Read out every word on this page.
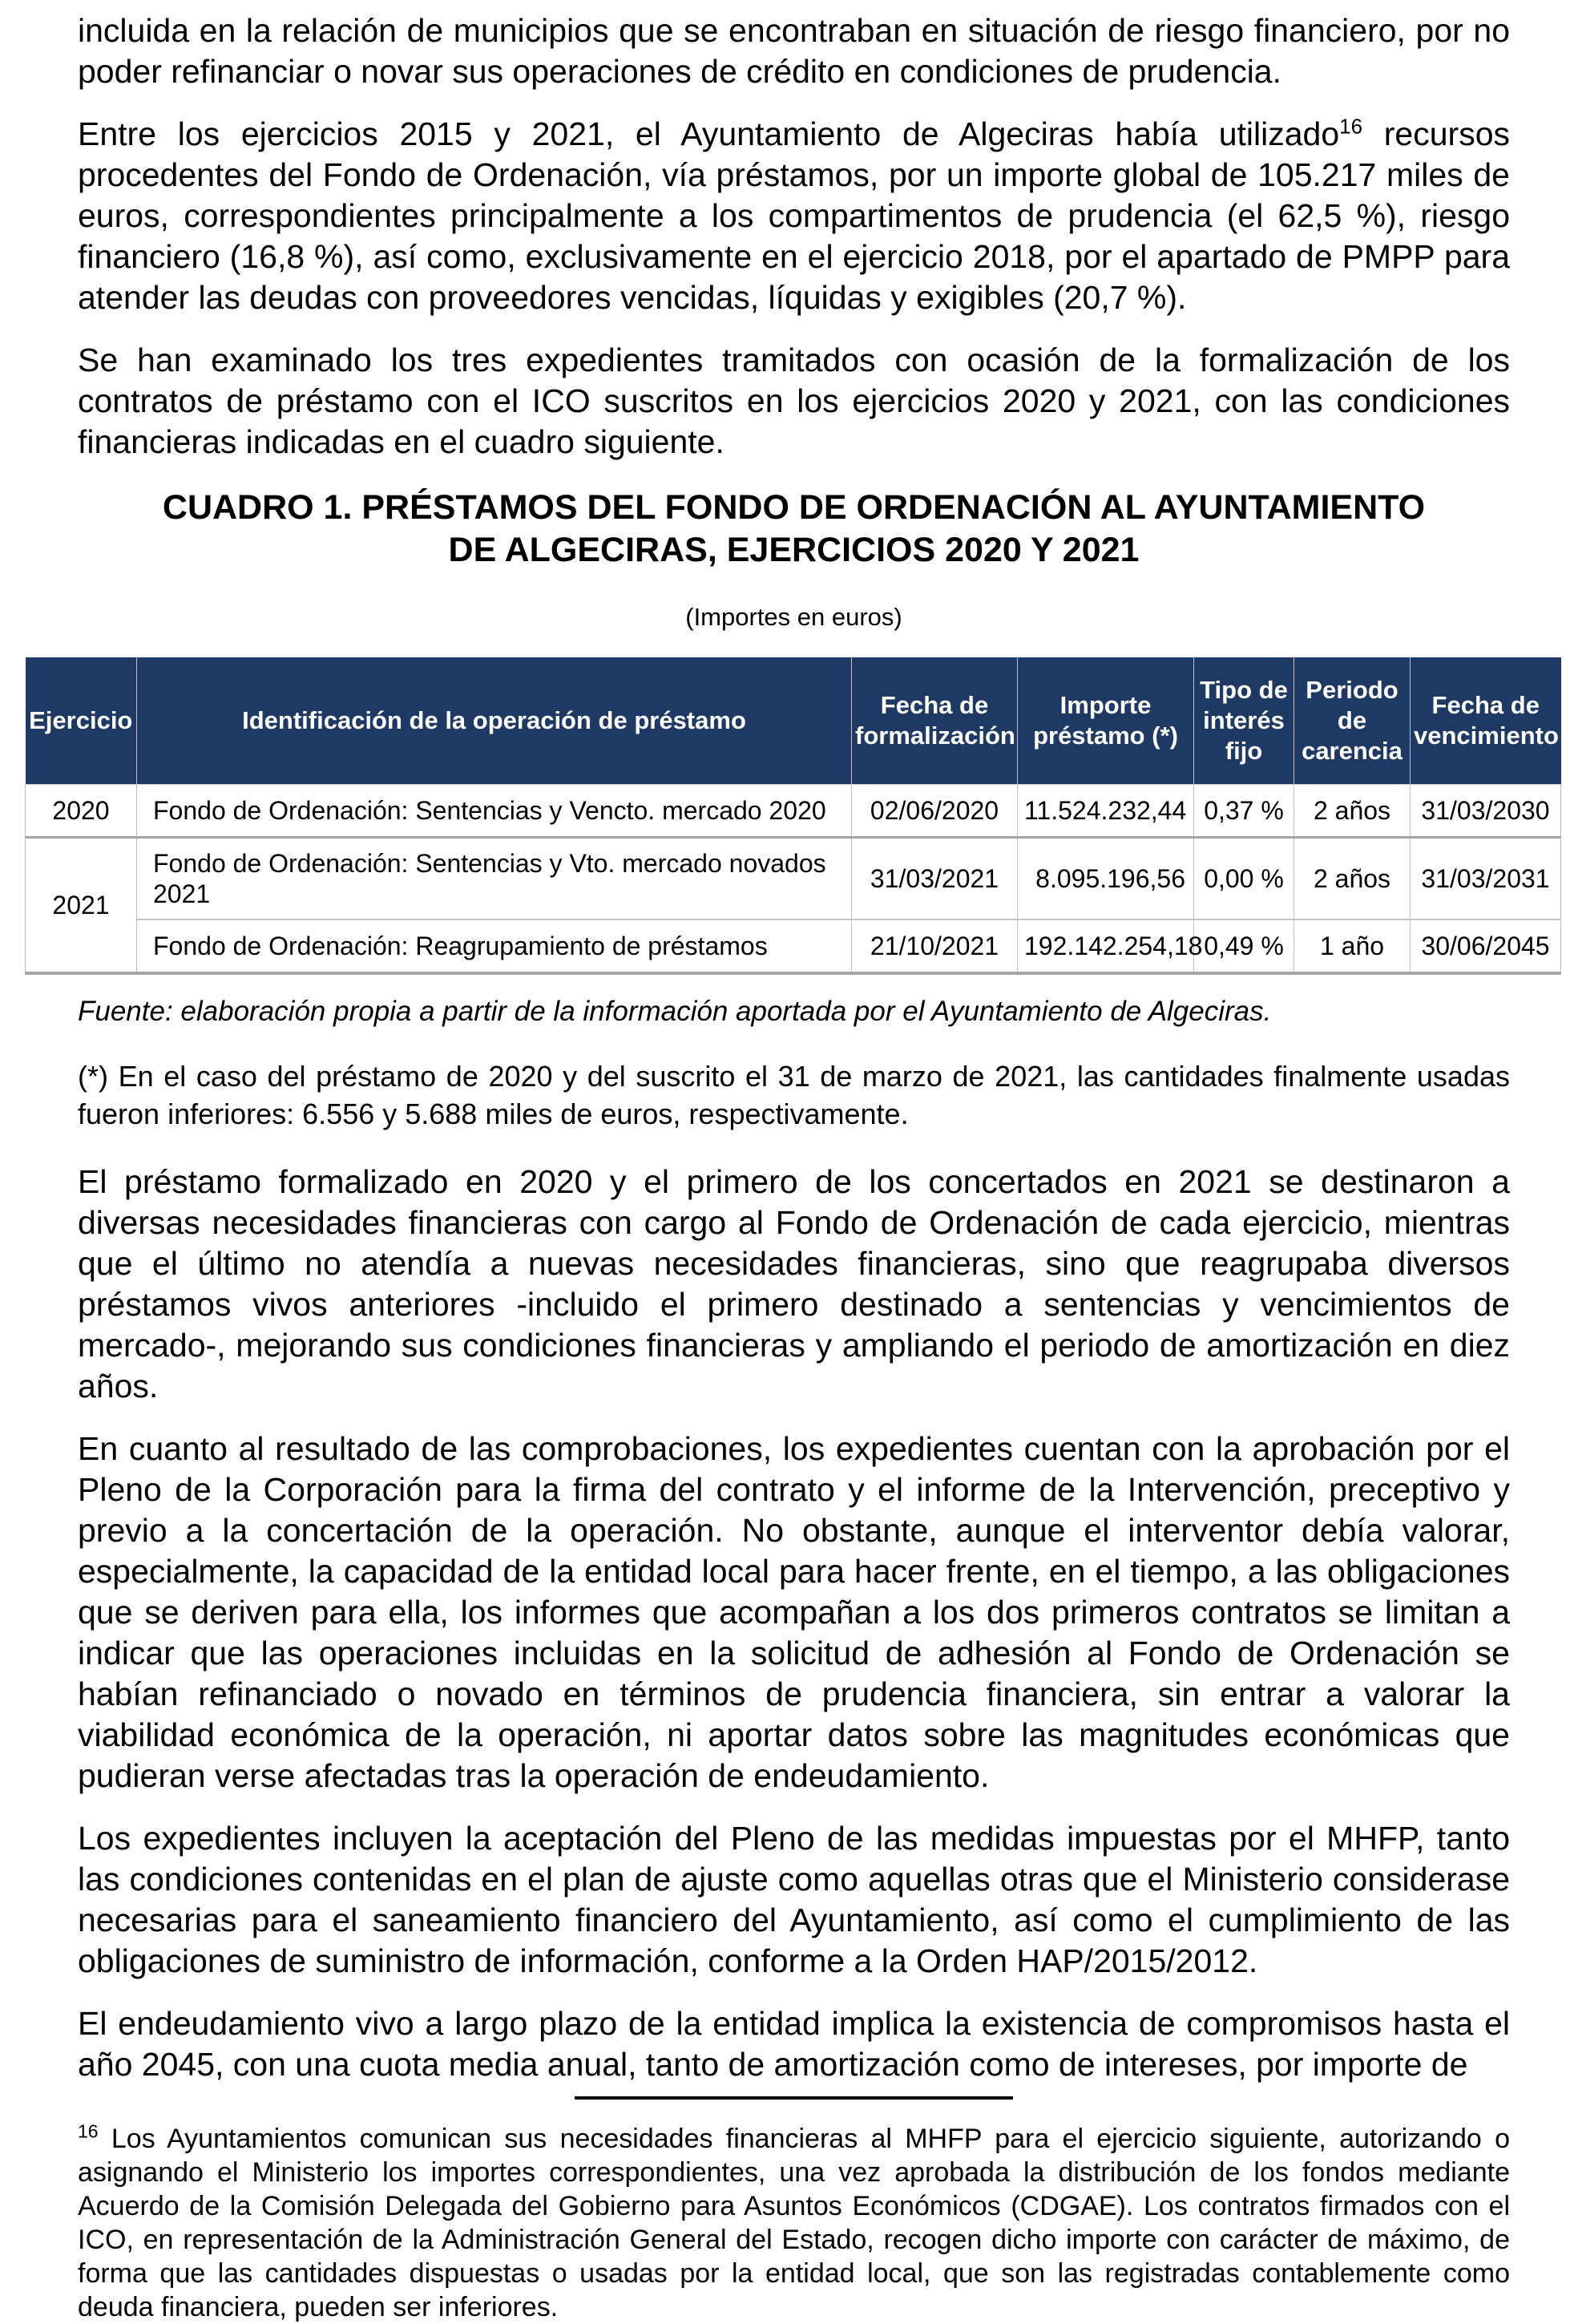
incluida en la relación de municipios que se encontraban en situación de riesgo financiero, por no poder refinanciar o novar sus operaciones de crédito en condiciones de prudencia.

Entre los ejercicios 2015 y 2021, el Ayuntamiento de Algeciras había utilizado$^{16}$ recursos procedentes del Fondo de Ordenación, vía préstamos, por un importe global de 105.217 miles de euros, correspondientes principalmente a los compartimentos de prudencia (el 62,5 %), riesgo financiero (16,8 %), así como, exclusivamente en el ejercicio 2018, por el apartado de PMPP para atender las deudas con proveedores vencidas, líquidas y exigibles (20,7 %).

Se han examinado los tres expedientes tramitados con ocasión de la formalización de los contratos de préstamo con el ICO suscritos en los ejercicios 2020 y 2021, con las condiciones financieras indicadas en el cuadro siguiente.

CUADRO 1. PRÉSTAMOS DEL FONDO DE ORDENACIÓN AL AYUNTAMIENTO DE ALGECIRAS, EJERCICIOS 2020 Y 2021

(Importes en euros)

Ejercicio	Identificación de la operación de préstamo	Fecha de formalización	Importe préstamo (*)	Tipo de interés fijo	Periodo de carencia	Fecha de vencimiento
2020	Fondo de Ordenación: Sentencias y Vencto. mercado 2020	02/06/2020	11.524.232,44	0,37 %	2 años	31/03/2030
2021	Fondo de Ordenación: Sentencias y Vto. mercado novados 2021	31/03/2021	8.095.196,56	0,00 %	2 años	31/03/2031
	Fondo de Ordenación: Reagrupamiento de préstamos	21/10/2021	192.142.254,18	0,49 %	1 año	30/06/2045

Fuente: elaboración propia a partir de la información aportada por el Ayuntamiento de Algeciras.

(*) En el caso del préstamo de 2020 y del suscrito el 31 de marzo de 2021, las cantidades finalmente usadas fueron inferiores: 6.556 y 5.688 miles de euros, respectivamente.

El préstamo formalizado en 2020 y el primero de los concertados en 2021 se destinaron a diversas necesidades financieras con cargo al Fondo de Ordenación de cada ejercicio, mientras que el último no atendía a nuevas necesidades financieras, sino que reagrupaba diversos préstamos vivos anteriores -incluido el primero destinado a sentencias y vencimientos de mercado-, mejorando sus condiciones financieras y ampliando el periodo de amortización en diez años.

En cuanto al resultado de las comprobaciones, los expedientes cuentan con la aprobación por el Pleno de la Corporación para la firma del contrato y el informe de la Intervención, preceptivo y previo a la concertación de la operación. No obstante, aunque el interventor debía valorar, especialmente, la capacidad de la entidad local para hacer frente, en el tiempo, a las obligaciones que se deriven para ella, los informes que acompañan a los dos primeros contratos se limitan a indicar que las operaciones incluidas en la solicitud de adhesión al Fondo de Ordenación se habían refinanciado o novado en términos de prudencia financiera, sin entrar a valorar la viabilidad económica de la operación, ni aportar datos sobre las magnitudes económicas que pudieran verse afectadas tras la operación de endeudamiento.

Los expedientes incluyen la aceptación del Pleno de las medidas impuestas por el MHFP, tanto las condiciones contenidas en el plan de ajuste como aquellas otras que el Ministerio considerase necesarias para el saneamiento financiero del Ayuntamiento, así como el cumplimiento de las obligaciones de suministro de información, conforme a la Orden HAP/2015/2012.

El endeudamiento vivo a largo plazo de la entidad implica la existencia de compromisos hasta el año 2045, con una cuota media anual, tanto de amortización como de intereses, por importe de

$^{16}$ Los Ayuntamientos comunican sus necesidades financieras al MHFP para el ejercicio siguiente, autorizando o asignando el Ministerio los importes correspondientes, una vez aprobada la distribución de los fondos mediante Acuerdo de la Comisión Delegada del Gobierno para Asuntos Económicos (CDGAE). Los contratos firmados con el ICO, en representación de la Administración General del Estado, recogen dicho importe con carácter de máximo, de forma que las cantidades dispuestas o usadas por la entidad local, que son las registradas contablemente como deuda financiera, pueden ser inferiores.
